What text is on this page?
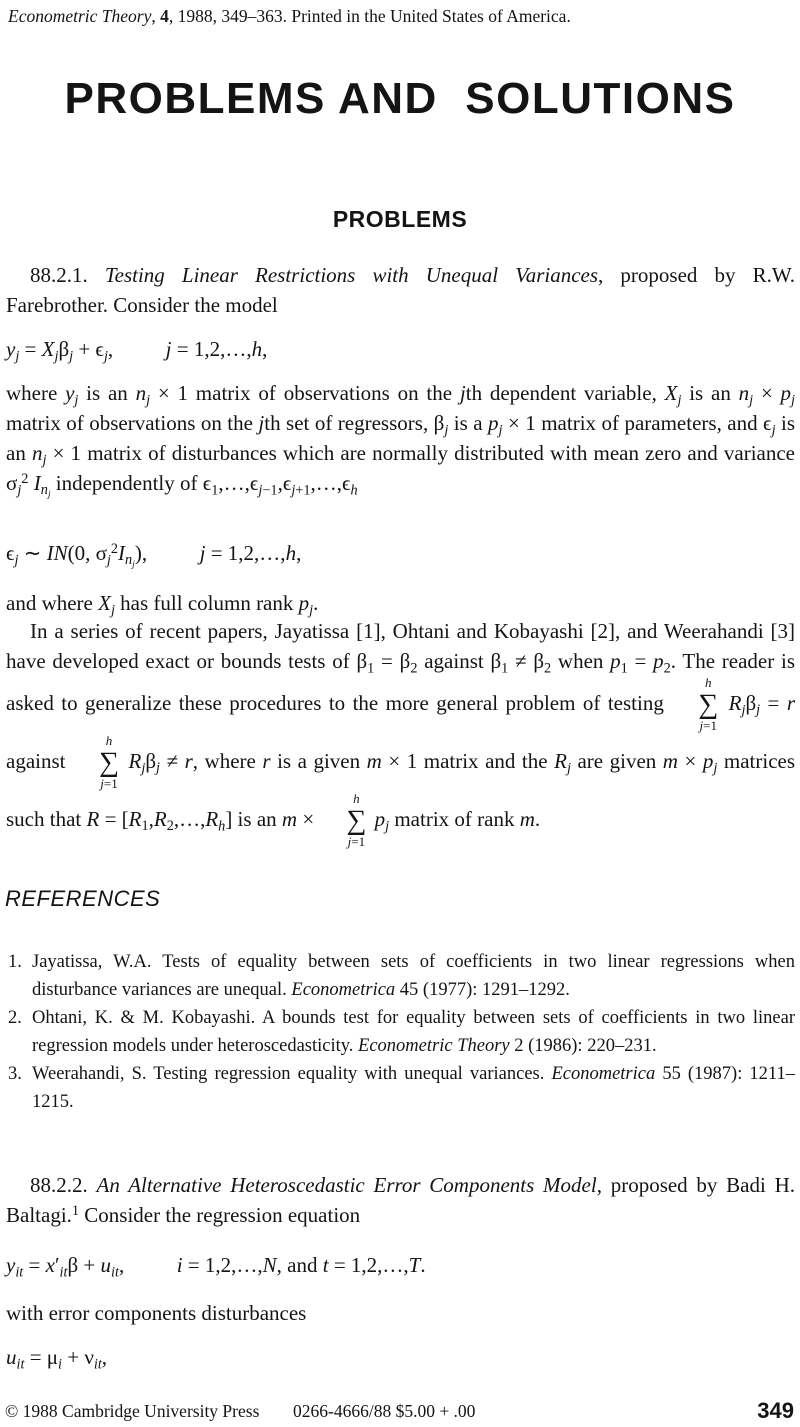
Econometric Theory, 4, 1988, 349–363. Printed in the United States of America.
PROBLEMS AND  SOLUTIONS
PROBLEMS
88.2.1. Testing Linear Restrictions with Unequal Variances, proposed by R.W. Farebrother. Consider the model
$y_j = X_j\beta_j + \epsilon_j$,   j = 1,2,…,h,
where $y_j$ is an $n_j \times 1$ matrix of observations on the jth dependent variable, $X_j$ is an $n_j \times p_j$ matrix of observations on the jth set of regressors, $\beta_j$ is a $p_j \times 1$ matrix of parameters, and $\epsilon_j$ is an $n_j \times 1$ matrix of disturbances which are normally distributed with mean zero and variance $\sigma_j^2$ $I_{n_j}$ independently of $\epsilon_1,\dots,\epsilon_{j-1},\epsilon_{j+1},\dots,\epsilon_h$
$\epsilon_j$ ∼ IN(0, $\sigma_j^2I_{n_j}$),   j = 1,2,…,h,
and where $X_j$ has full column rank $p_j$.
In a series of recent papers, Jayatissa [1], Ohtani and Kobayashi [2], and Weerahandi [3] have developed exact or bounds tests of $\beta_1 = \beta_2$ against $\beta_1 \ne \beta_2$ when $p_1 = p_2$. The reader is asked to generalize these procedures to the more general problem of testing
h
∑
j=1
$R_j\beta_j = r$ against
h
∑
j=1
$R_j\beta_j \ne r$, where r is a given m × 1 matrix and the $R_j$ are given $m \times p_j$ matrices such that $R = [R_1,R_2,\dots,R_h]$ is an m ×
h
∑
j=1
$p_j$ matrix of rank m.
REFERENCES
1. Jayatissa, W.A. Tests of equality between sets of coefficients in two linear regressions when disturbance variances are unequal. Econometrica 45 (1977): 1291–1292.
2. Ohtani, K. & M. Kobayashi. A bounds test for equality between sets of coefficients in two linear regression models under heteroscedasticity. Econometric Theory 2 (1986): 220–231.
3. Weerahandi, S. Testing regression equality with unequal variances. Econometrica 55 (1987): 1211–1215.
88.2.2. An Alternative Heteroscedastic Error Components Model, proposed by Badi H. Baltagi.$^1$ Consider the regression equation
$y_{it} = x'_{it}\beta + u_{it}$,   i = 1,2,…,N, and t = 1,2,…,T.
with error components disturbances
$u_{it} = \mu_i + \nu_{it}$,
© 1988 Cambridge University Press 0266-4666/88 $5.00 + .00	349
